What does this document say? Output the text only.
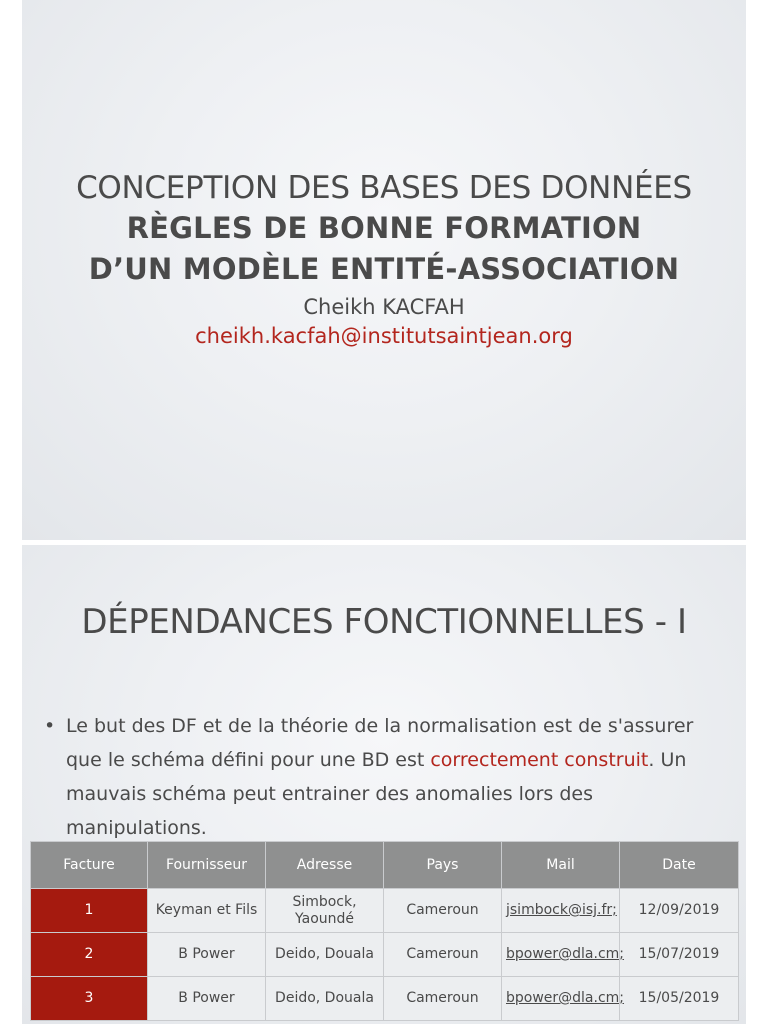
CONCEPTION DES BASES DES DONNÉES
RÈGLES DE BONNE FORMATION
D’UN MODÈLE ENTITÉ-ASSOCIATION
Cheikh KACFAH
cheikh.kacfah@institutsaintjean.org
DÉPENDANCES FONCTIONNELLES - I
• Le but des DF et de la théorie de la normalisation est de s'assurer que le schéma défini pour une BD est correctement construit. Un mauvais schéma peut entrainer des anomalies lors des manipulations.
Facture	Fournisseur	Adresse	Pays	Mail	Date
1	Keyman et Fils	Simbock, Yaoundé	Cameroun	jsimbock@isj.fr;	12/09/2019
2	B Power	Deido, Douala	Cameroun	bpower@dla.cm;	15/07/2019
3	B Power	Deido, Douala	Cameroun	bpower@dla.cm;	15/05/2019
